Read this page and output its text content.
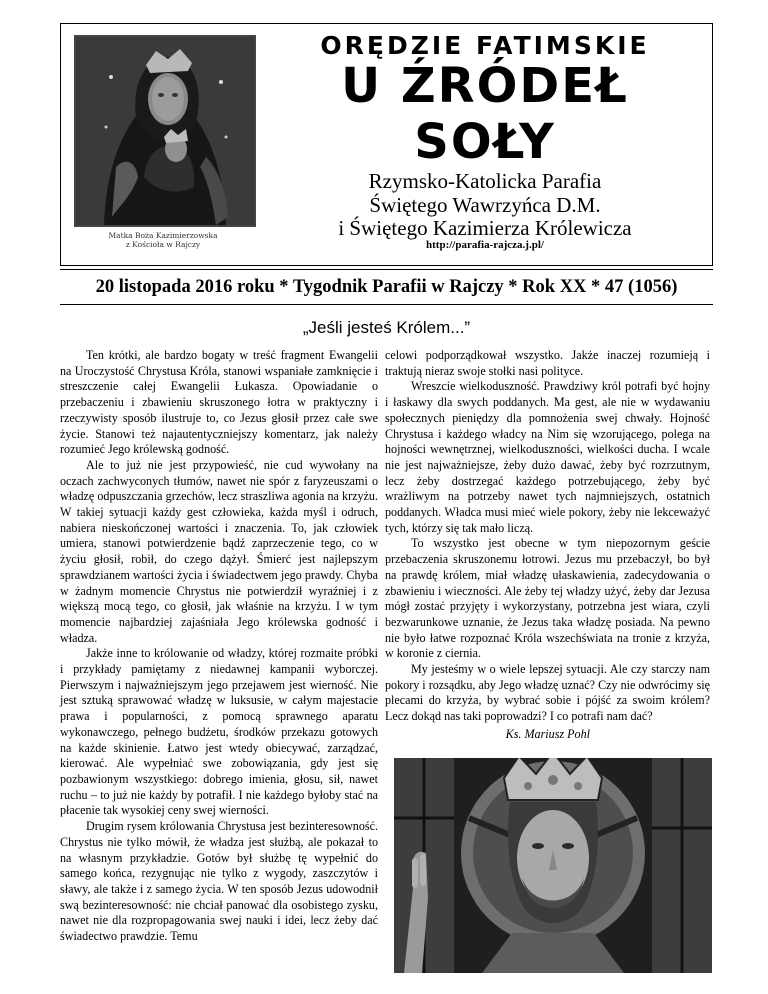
Matka Boża Kazimierzowska
z Kościoła w Rajczy
ORĘDZIE FATIMSKIE
U ŹRÓDEŁ
SOŁY
Rzymsko-Katolicka Parafia
Świętego Wawrzyńca D.M.
i Świętego Kazimierza Królewicza
http://parafia-rajcza.j.pl/
20 listopada 2016 roku * Tygodnik Parafii w Rajczy * Rok XX * 47 (1056)
„Jeśli jesteś Królem...”

Ten krótki, ale bardzo bogaty w treść fragment Ewangelii na Uroczystość Chrystusa Króla, stanowi wspaniałe zamknięcie i streszczenie całej Ewangelii Łukasza. Opowiadanie o przebaczeniu i zbawieniu skruszonego łotra w praktyczny i rzeczywisty sposób ilustruje to, co Jezus głosił przez całe swe życie. Stanowi też najautentyczniejszy komentarz, jak należy rozumieć Jego królewską godność.

Ale to już nie jest przypowieść, nie cud wywołany na oczach zachwyconych tłumów, nawet nie spór z faryzeuszami o władzę odpuszczania grzechów, lecz straszliwa agonia na krzyżu. W takiej sytuacji każdy gest człowieka, każda myśl i odruch, nabiera nieskończonej wartości i znaczenia. To, jak człowiek umiera, stanowi potwierdzenie bądź zaprzeczenie tego, co w życiu głosił, robił, do czego dążył. Śmierć jest najlepszym sprawdzianem wartości życia i świadectwem jego prawdy. Chyba w żadnym momencie Chrystus nie potwierdził wyraźniej i z większą mocą tego, co głosił, jak właśnie na krzyżu. I w tym momencie najbardziej zajaśniała Jego królewska godność i władza.

Jakże inne to królowanie od władzy, której rozmaite próbki i przykłady pamiętamy z niedawnej kampanii wyborczej. Pierwszym i najważniejszym jego przejawem jest wierność. Nie jest sztuką sprawować władzę w luksusie, w całym majestacie prawa i popularności, z pomocą sprawnego aparatu wykonawczego, pełnego budżetu, środków przekazu gotowych na każde skinienie. Łatwo jest wtedy obiecywać, zarządzać, kierować. Ale wypełniać swe zobowiązania, gdy jest się pozbawionym wszystkiego: dobrego imienia, głosu, sił, nawet ruchu – to już nie każdy by potrafił. I nie każdego byłoby stać na płacenie tak wysokiej ceny swej wierności.

Drugim rysem królowania Chrystusa jest bezinteresowność. Chrystus nie tylko mówił, że władza jest służbą, ale pokazał to na własnym przykładzie. Gotów był służbę tę wypełnić do samego końca, rezygnując nie tylko z wygody, zaszczytów i sławy, ale także i z samego życia. W ten sposób Jezus udowodnił swą bezinteresowność: nie chciał panować dla osobistego zysku, nawet nie dla rozpropagowania swej nauki i idei, lecz żeby dać świadectwo prawdzie. Temu

celowi podporządkował wszystko. Jakże inaczej rozumieją i traktują nieraz swoje stołki nasi polityce.

Wreszcie wielkoduszność. Prawdziwy król potrafi być hojny i łaskawy dla swych poddanych. Ma gest, ale nie w wydawaniu społecznych pieniędzy dla pomnożenia swej chwały. Hojność Chrystusa i każdego władcy na Nim się wzorującego, polega na hojności wewnętrznej, wielkoduszności, wielkości ducha. I wcale nie jest najważniejsze, żeby dużo dawać, żeby być rozrzutnym, lecz żeby dostrzegać każdego potrzebującego, żeby być wrażliwym na potrzeby nawet tych najmniejszych, ostatnich poddanych. Władca musi mieć wiele pokory, żeby nie lekceważyć tych, którzy się tak mało liczą.

To wszystko jest obecne w tym niepozornym geście przebaczenia skruszonemu łotrowi. Jezus mu przebaczył, bo był na prawdę królem, miał władzę ułaskawienia, zadecydowania o zbawieniu i wieczności. Ale żeby tej władzy użyć, żeby dar Jezusa mógł zostać przyjęty i wykorzystany, potrzebna jest wiara, czyli bezwarunkowe uznanie, że Jezus taka władzę posiada. Na pewno nie było łatwe rozpoznać Króla wszechświata na tronie z krzyża, w koronie z ciernia.

My jesteśmy w o wiele lepszej sytuacji. Ale czy starczy nam pokory i rozsądku, aby Jego władzę uznać? Czy nie odwrócimy się plecami do krzyża, by wybrać sobie i pójść za swoim królem? Lecz dokąd nas taki poprowadzi? I co potrafi nam dać?

Ks. Mariusz Pohl
